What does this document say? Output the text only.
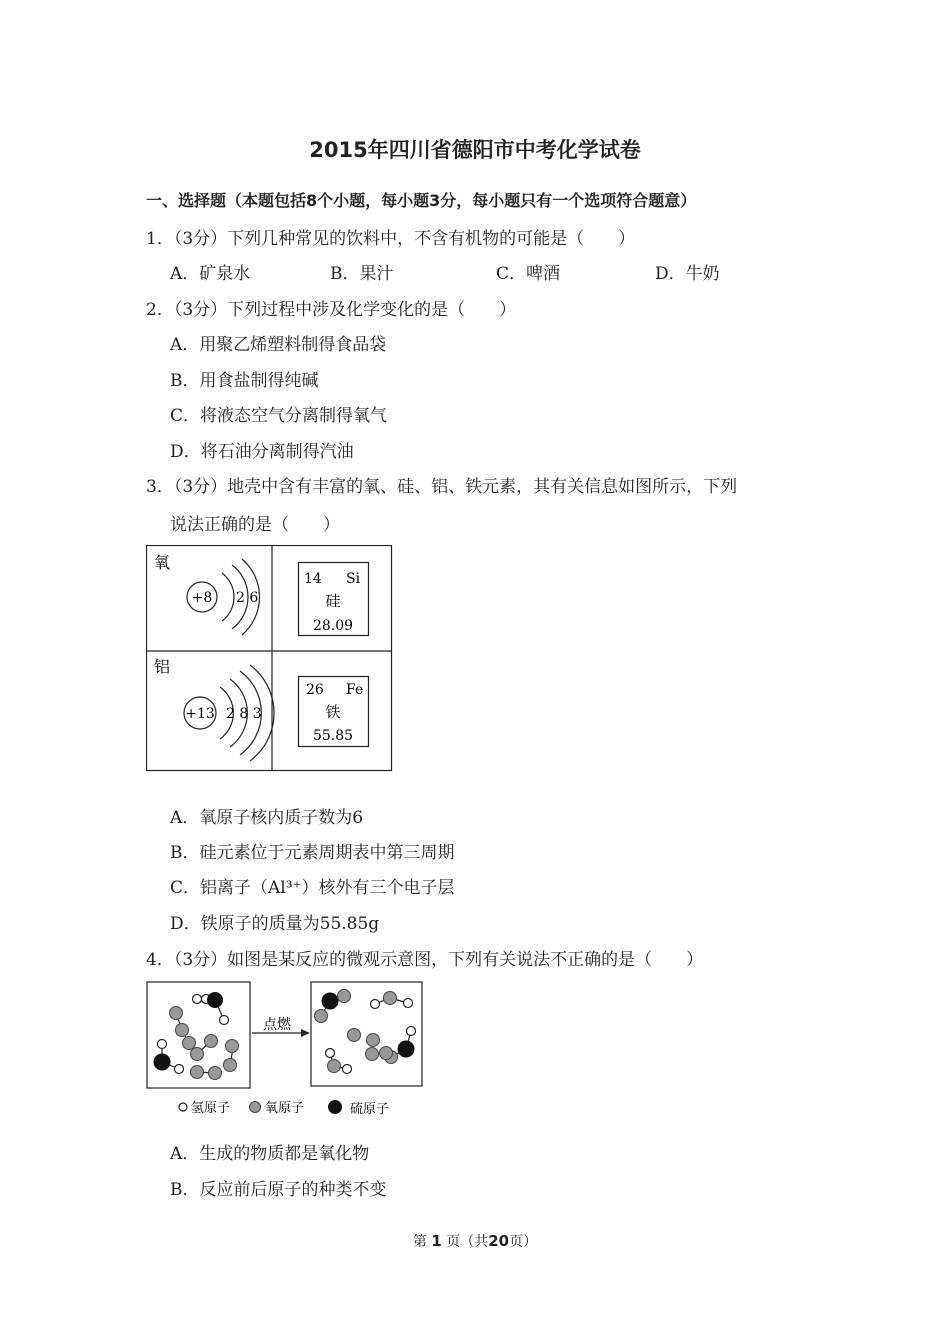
2015年四川省德阳市中考化学试卷
一、选择题（本题包括8个小题，每小题3分，每小题只有一个选项符合题意）
1．（3分）下列几种常见的饮料中，不含有机物的可能是（　　）
A．矿泉水	B．果汁	C．啤酒	D．牛奶
2．（3分）下列过程中涉及化学变化的是（　　）
A．用聚乙烯塑料制得食品袋
B．用食盐制得纯碱
C．将液态空气分离制得氧气
D．将石油分离制得汽油
3．（3分）地壳中含有丰富的氧、硅、铝、铁元素，其有关信息如图所示，下列
说法正确的是（　　）
氧
+8 2 6
14 Si
硅
28.09
铝
+13 2 8 3
26 Fe
铁
55.85
A．氧原子核内质子数为6
B．硅元素位于元素周期表中第三周期
C．铝离子（Al³⁺）核外有三个电子层
D．铁原子的质量为55.85g
4．（3分）如图是某反应的微观示意图，下列有关说法不正确的是（　　）
点燃
氢原子	氧原子	硫原子
A．生成的物质都是氧化物
B．反应前后原子的种类不变
第 1 页（共20页）
